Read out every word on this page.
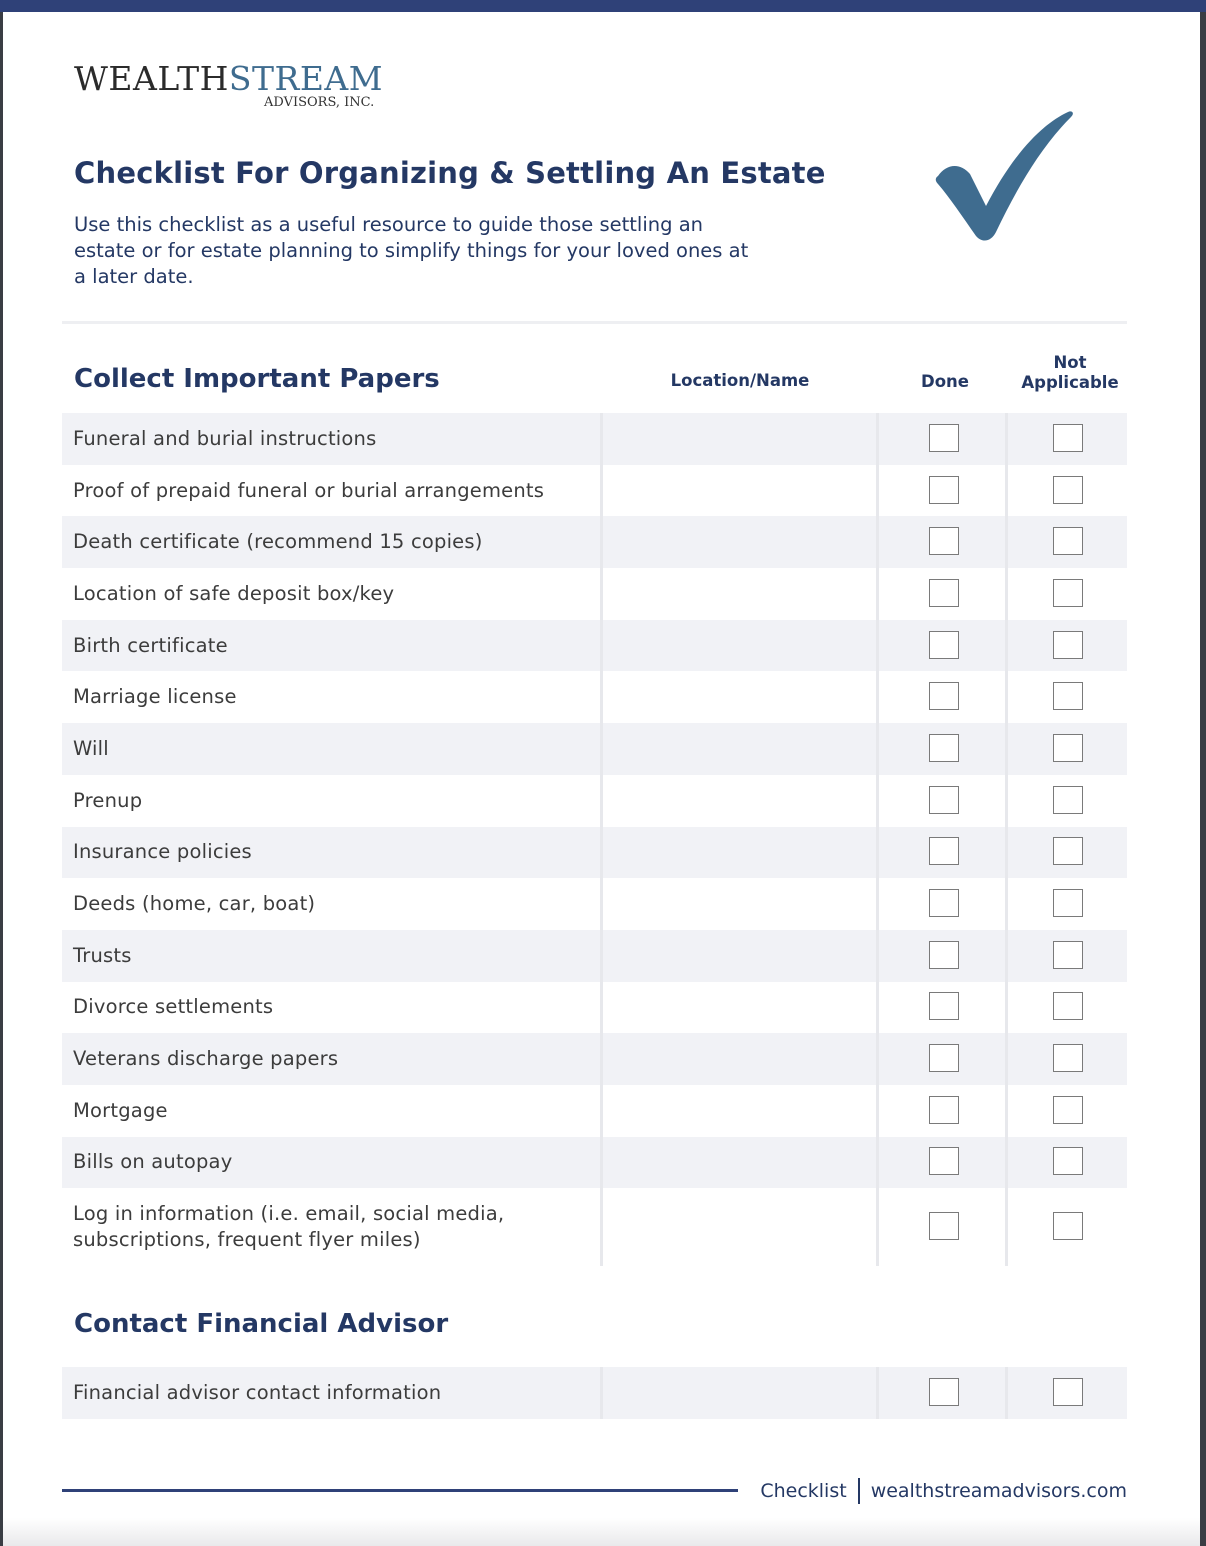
WEALTHSTREAM
ADVISORS, INC.
Checklist For Organizing & Settling An Estate
Use this checklist as a useful resource to guide those settling an estate or for estate planning to simplify things for your loved ones at a later date.
Collect Important Papers	Location/Name	Done
Not
Applicable
Funeral and burial instructions
Proof of prepaid funeral or burial arrangements
Death certificate (recommend 15 copies)
Location of safe deposit box/key
Birth certificate
Marriage license
Will
Prenup
Insurance policies
Deeds (home, car, boat)
Trusts
Divorce settlements
Veterans discharge papers
Mortgage
Bills on autopay
Log in information (i.e. email, social media, subscriptions, frequent flyer miles)
Contact Financial Advisor
Financial advisor contact information
Checklist wealthstreamadvisors.com
